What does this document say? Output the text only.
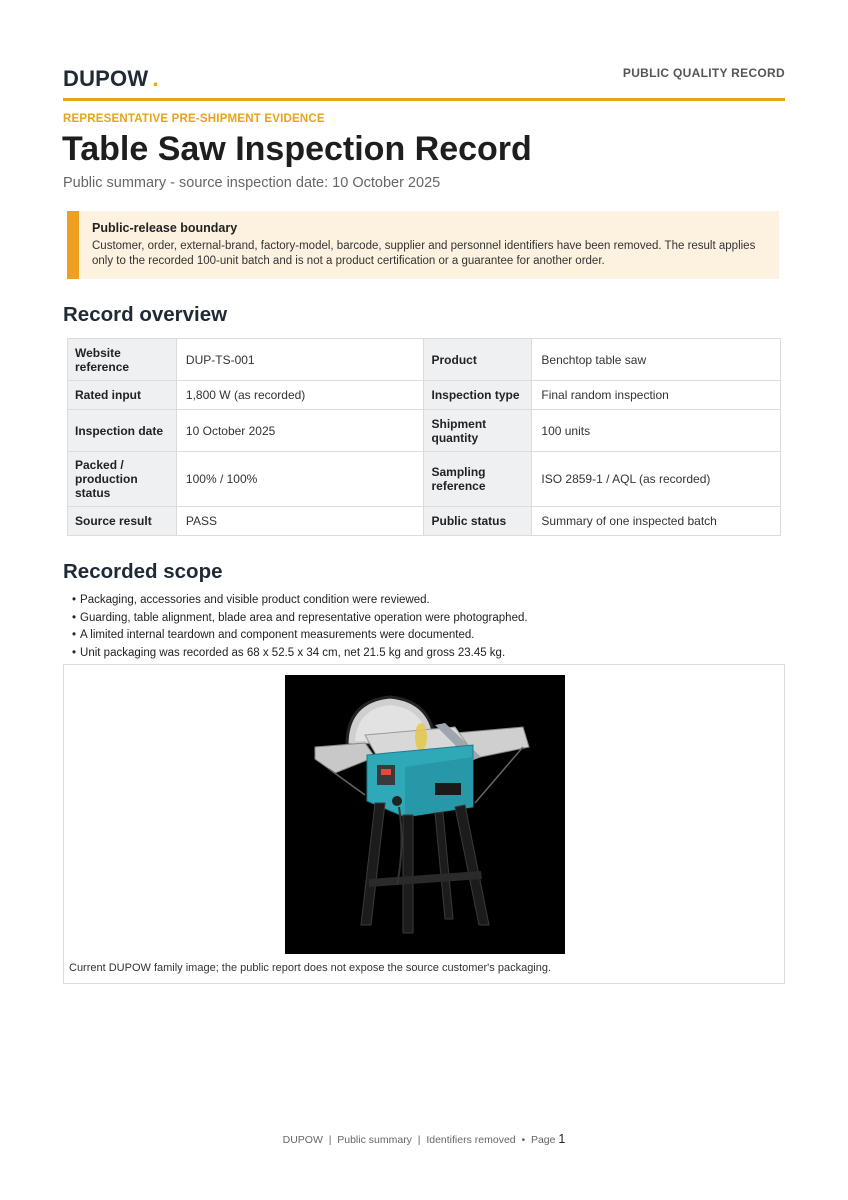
DUPOW .	PUBLIC QUALITY RECORD
REPRESENTATIVE PRE-SHIPMENT EVIDENCE
Table Saw Inspection Record
Public summary - source inspection date: 10 October 2025
Public-release boundary
Customer, order, external-brand, factory-model, barcode, supplier and personnel identifiers have been removed. The result applies only to the recorded 100-unit batch and is not a product certification or a guarantee for another order.
Record overview
Website reference	DUP-TS-001	Product	Benchtop table saw
Rated input	1,800 W (as recorded)	Inspection type	Final random inspection
Inspection date	10 October 2025	Shipment quantity	100 units
Packed / production status	100% / 100%	Sampling reference	ISO 2859-1 / AQL (as recorded)
Source result	PASS	Public status	Summary of one inspected batch
Recorded scope
• Packaging, accessories and visible product condition were reviewed.
• Guarding, table alignment, blade area and representative operation were photographed.
• A limited internal teardown and component measurements were documented.
• Unit packaging was recorded as 68 x 52.5 x 34 cm, net 21.5 kg and gross 23.45 kg.
Current DUPOW family image; the public report does not expose the source customer's packaging.
DUPOW  |  Public summary  |  Identifiers removed  •  Page 1
